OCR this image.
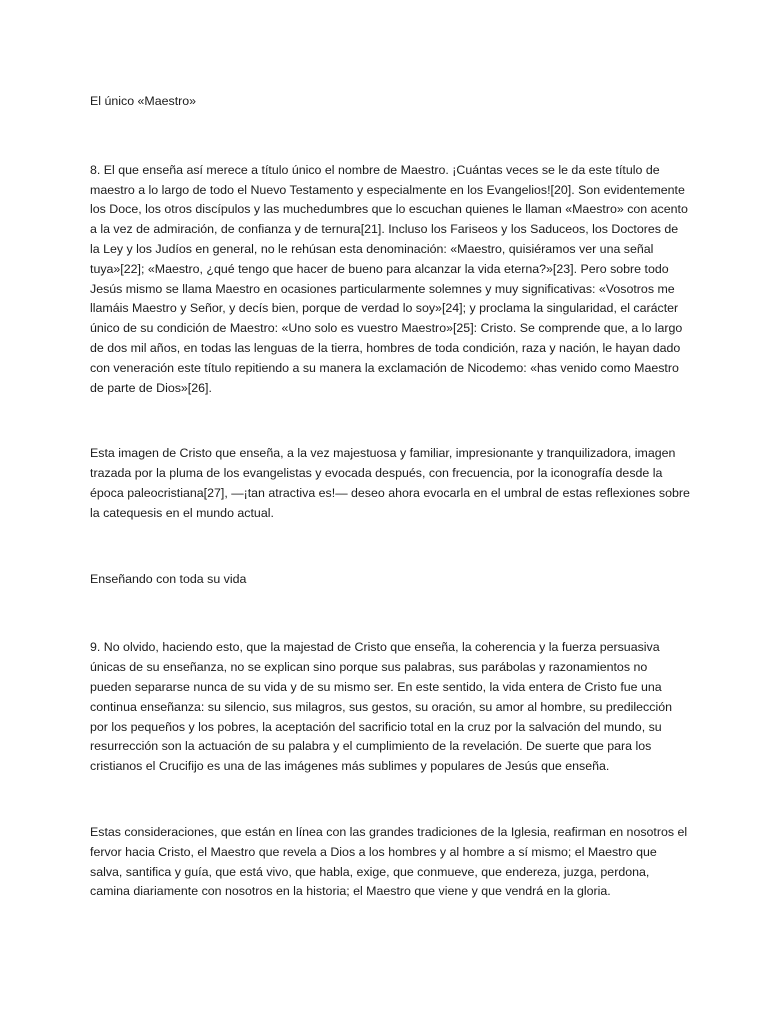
El único «Maestro»

8. El que enseña así merece a título único el nombre de Maestro. ¡Cuántas veces se le da este título de maestro a lo largo de todo el Nuevo Testamento y especialmente en los Evangelios![20]. Son evidentemente los Doce, los otros discípulos y las muchedumbres que lo escuchan quienes le llaman «Maestro» con acento a la vez de admiración, de confianza y de ternura[21]. Incluso los Fariseos y los Saduceos, los Doctores de la Ley y los Judíos en general, no le rehúsan esta denominación: «Maestro, quisiéramos ver una señal tuya»[22]; «Maestro, ¿qué tengo que hacer de bueno para alcanzar la vida eterna?»[23]. Pero sobre todo Jesús mismo se llama Maestro en ocasiones particularmente solemnes y muy significativas: «Vosotros me llamáis Maestro y Señor, y decís bien, porque de verdad lo soy»[24]; y proclama la singularidad, el carácter único de su condición de Maestro: «Uno solo es vuestro Maestro»[25]: Cristo. Se comprende que, a lo largo de dos mil años, en todas las lenguas de la tierra, hombres de toda condición, raza y nación, le hayan dado con veneración este título repitiendo a su manera la exclamación de Nicodemo: «has venido como Maestro de parte de Dios»[26].

Esta imagen de Cristo que enseña, a la vez majestuosa y familiar, impresionante y tranquilizadora, imagen trazada por la pluma de los evangelistas y evocada después, con frecuencia, por la iconografía desde la época paleocristiana[27], —¡tan atractiva es!— deseo ahora evocarla en el umbral de estas reflexiones sobre la catequesis en el mundo actual.

Enseñando con toda su vida

9. No olvido, haciendo esto, que la majestad de Cristo que enseña, la coherencia y la fuerza persuasiva únicas de su enseñanza, no se explican sino porque sus palabras, sus parábolas y razonamientos no pueden separarse nunca de su vida y de su mismo ser. En este sentido, la vida entera de Cristo fue una continua enseñanza: su silencio, sus milagros, sus gestos, su oración, su amor al hombre, su predilección por los pequeños y los pobres, la aceptación del sacrificio total en la cruz por la salvación del mundo, su resurrección son la actuación de su palabra y el cumplimiento de la revelación. De suerte que para los cristianos el Crucifijo es una de las imágenes más sublimes y populares de Jesús que enseña.

Estas consideraciones, que están en línea con las grandes tradiciones de la Iglesia, reafirman en nosotros el fervor hacia Cristo, el Maestro que revela a Dios a los hombres y al hombre a sí mismo; el Maestro que salva, santifica y guía, que está vivo, que habla, exige, que conmueve, que endereza, juzga, perdona, camina diariamente con nosotros en la historia; el Maestro que viene y que vendrá en la gloria.
